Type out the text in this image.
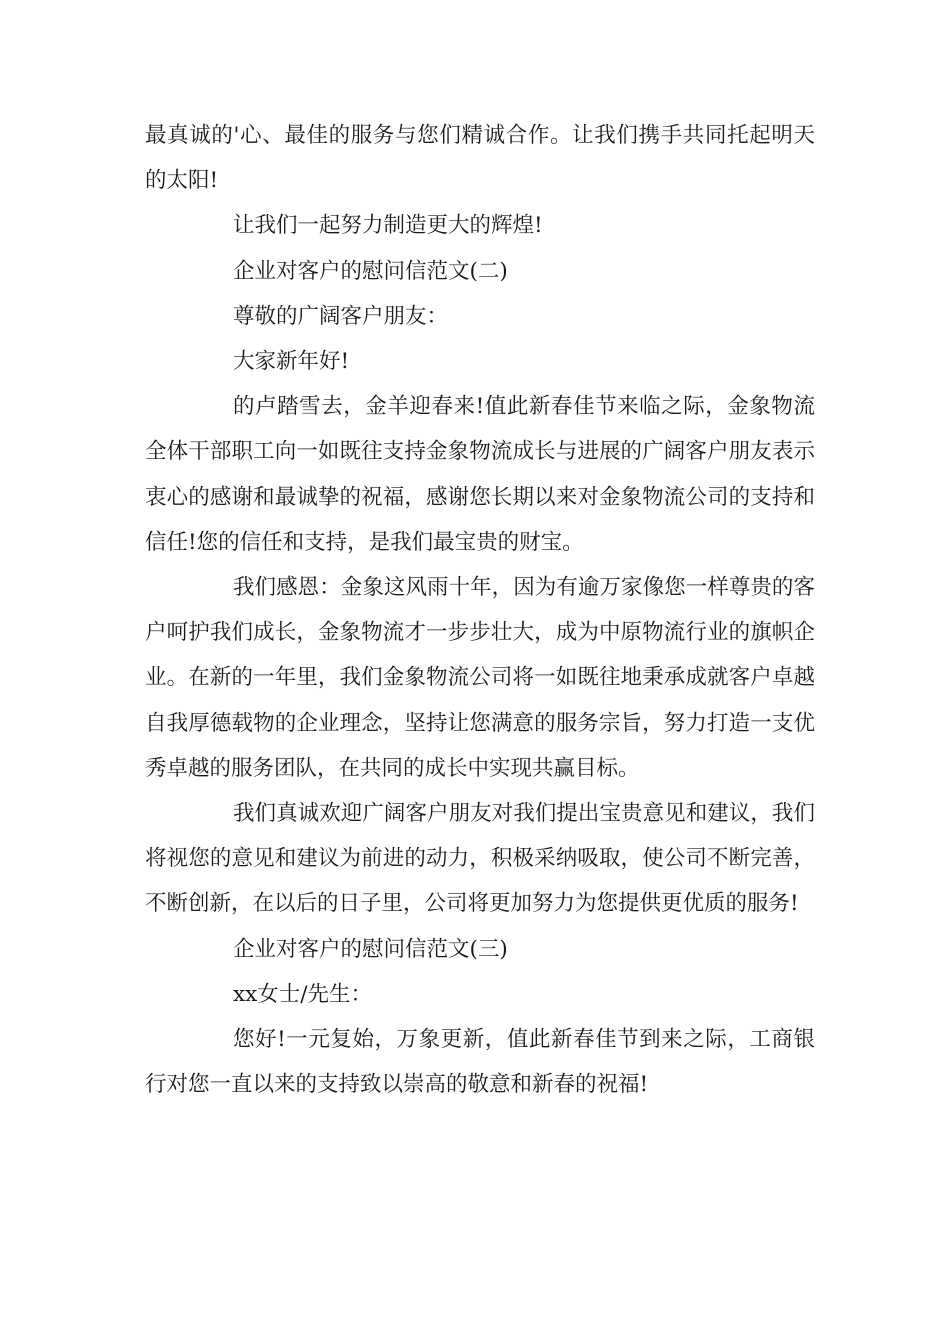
最真诚的'心、最佳的服务与您们精诚合作。让我们携手共同托起明天的太阳!

让我们一起努力制造更大的辉煌!

企业对客户的慰问信范文(二)

尊敬的广阔客户朋友：

大家新年好!

的卢踏雪去，金羊迎春来!值此新春佳节来临之际，金象物流全体干部职工向一如既往支持金象物流成长与进展的广阔客户朋友表示衷心的感谢和最诚挚的祝福，感谢您长期以来对金象物流公司的支持和信任!您的信任和支持，是我们最宝贵的财宝。

我们感恩：金象这风雨十年，因为有逾万家像您一样尊贵的客户呵护我们成长，金象物流才一步步壮大，成为中原物流行业的旗帜企业。在新的一年里，我们金象物流公司将一如既往地秉承成就客户卓越自我厚德载物的企业理念，坚持让您满意的服务宗旨，努力打造一支优秀卓越的服务团队，在共同的成长中实现共赢目标。

我们真诚欢迎广阔客户朋友对我们提出宝贵意见和建议，我们将视您的意见和建议为前进的动力，积极采纳吸取，使公司不断完善，不断创新，在以后的日子里，公司将更加努力为您提供更优质的服务!

企业对客户的慰问信范文(三)

xx女士/先生：

您好!一元复始，万象更新，值此新春佳节到来之际，工商银行对您一直以来的支持致以崇高的敬意和新春的祝福!
